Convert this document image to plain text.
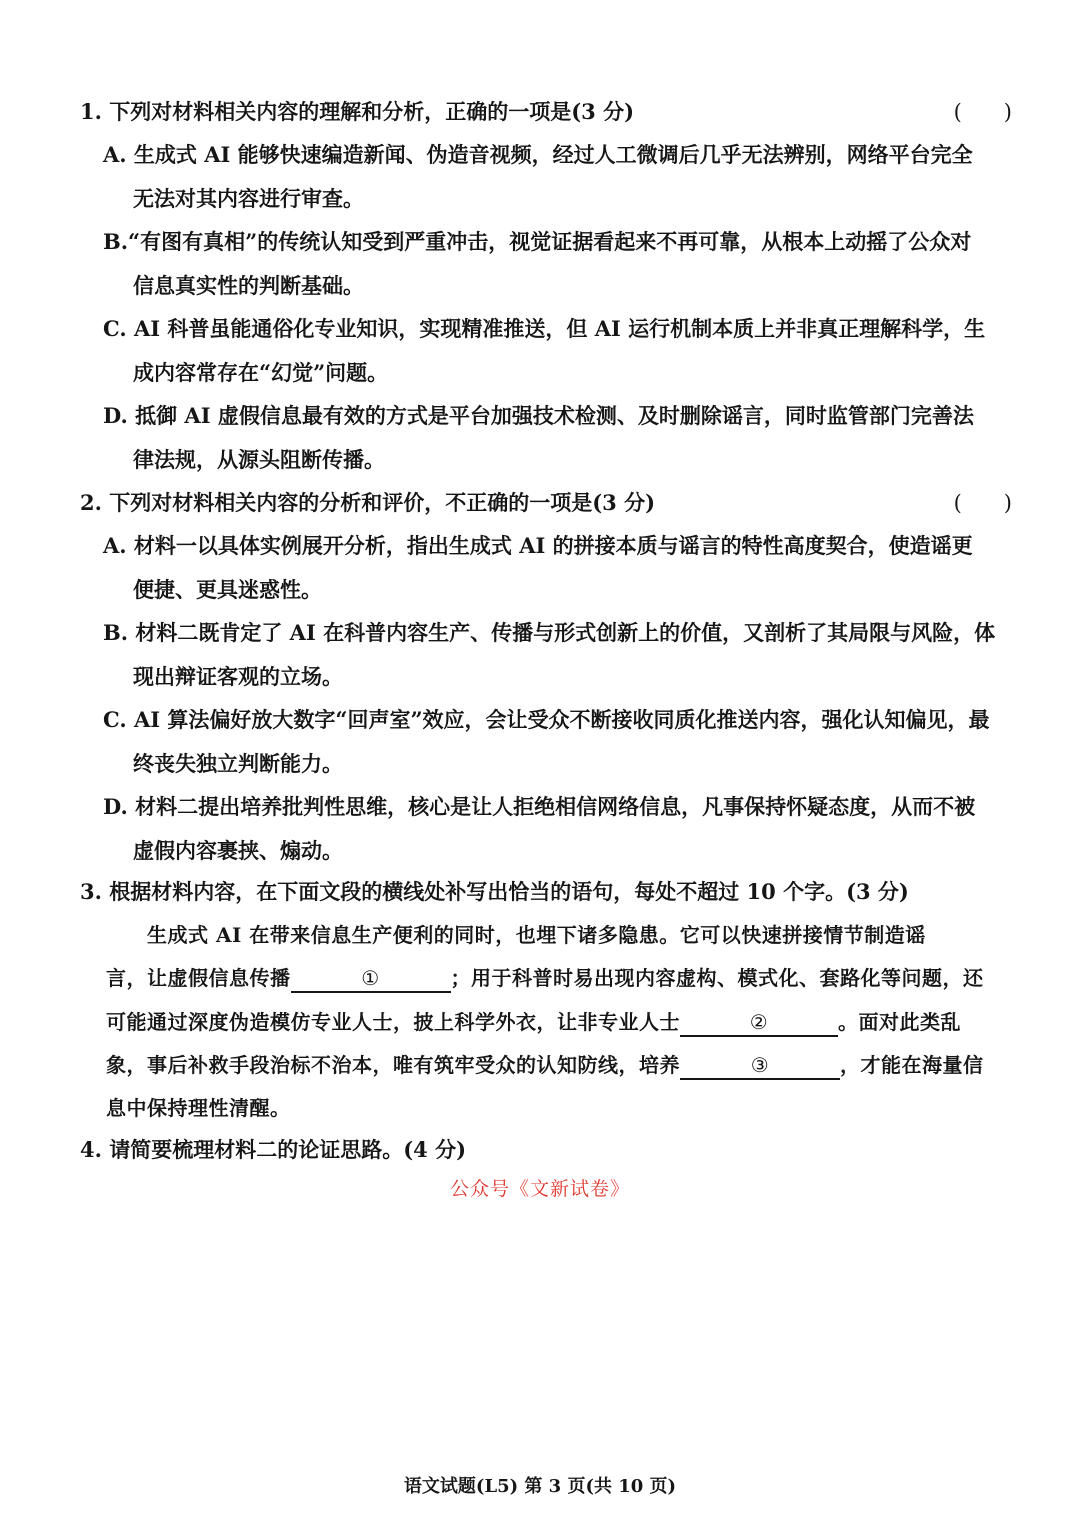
1. 下列对材料相关内容的理解和分析，正确的一项是(3 分)	(　　)
A. 生成式 AI 能够快速编造新闻、伪造音视频，经过人工微调后几乎无法辨别，网络平台完全
无法对其内容进行审查。
B.“有图有真相”的传统认知受到严重冲击，视觉证据看起来不再可靠，从根本上动摇了公众对
信息真实性的判断基础。
C. AI 科普虽能通俗化专业知识，实现精准推送，但 AI 运行机制本质上并非真正理解科学，生
成内容常存在“幻觉”问题。
D. 抵御 AI 虚假信息最有效的方式是平台加强技术检测、及时删除谣言，同时监管部门完善法
律法规，从源头阻断传播。
2. 下列对材料相关内容的分析和评价，不正确的一项是(3 分)	(　　)
A. 材料一以具体实例展开分析，指出生成式 AI 的拼接本质与谣言的特性高度契合，使造谣更
便捷、更具迷惑性。
B. 材料二既肯定了 AI 在科普内容生产、传播与形式创新上的价值，又剖析了其局限与风险，体
现出辩证客观的立场。
C. AI 算法偏好放大数字“回声室”效应，会让受众不断接收同质化推送内容，强化认知偏见，最
终丧失独立判断能力。
D. 材料二提出培养批判性思维，核心是让人拒绝相信网络信息，凡事保持怀疑态度，从而不被
虚假内容裹挟、煽动。
3. 根据材料内容，在下面文段的横线处补写出恰当的语句，每处不超过 10 个字。(3 分)
　　生成式 AI 在带来信息生产便利的同时，也埋下诸多隐患。它可以快速拼接情节制造谣
言，让虚假信息传播	①	；用于科普时易出现内容虚构、模式化、套路化等问题，还
可能通过深度伪造模仿专业人士，披上科学外衣，让非专业人士	②	。面对此类乱
象，事后补救手段治标不治本，唯有筑牢受众的认知防线，培养	③	，才能在海量信
息中保持理性清醒。
4. 请简要梳理材料二的论证思路。(4 分)
公众号《文新试卷》
语文试题(L5) 第 3 页(共 10 页)
